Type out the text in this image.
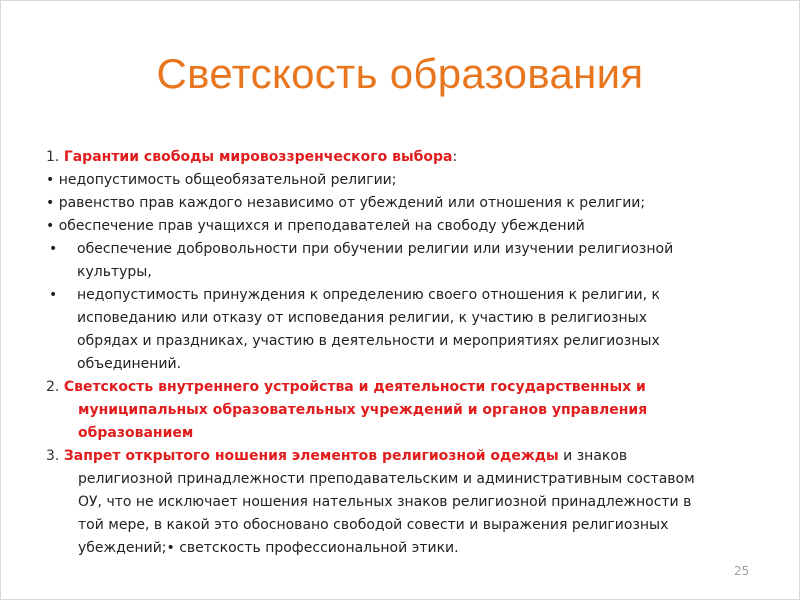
Светскость образования
1. Гарантии свободы мировоззренческого выбора:
• недопустимость общеобязательной религии;
• равенство прав каждого независимо от убеждений или отношения к религии;
• обеспечение прав учащихся и преподавателей на свободу убеждений
• обеспечение добровольности при обучении религии или изучении религиозной
культуры,
• недопустимость принуждения к определению своего отношения к религии, к
исповеданию или отказу от исповедания религии, к участию в религиозных
обрядах и праздниках, участию в деятельности и мероприятиях религиозных
объединений.
2. Светскость внутреннего устройства и деятельности государственных и
муниципальных образовательных учреждений и органов управления
образованием
3. Запрет открытого ношения элементов религиозной одежды и знаков
религиозной принадлежности преподавательским и административным составом
ОУ, что не исключает ношения нательных знаков религиозной принадлежности в
той мере, в какой это обосновано свободой совести и выражения религиозных
убеждений;• светскость профессиональной этики.
25
